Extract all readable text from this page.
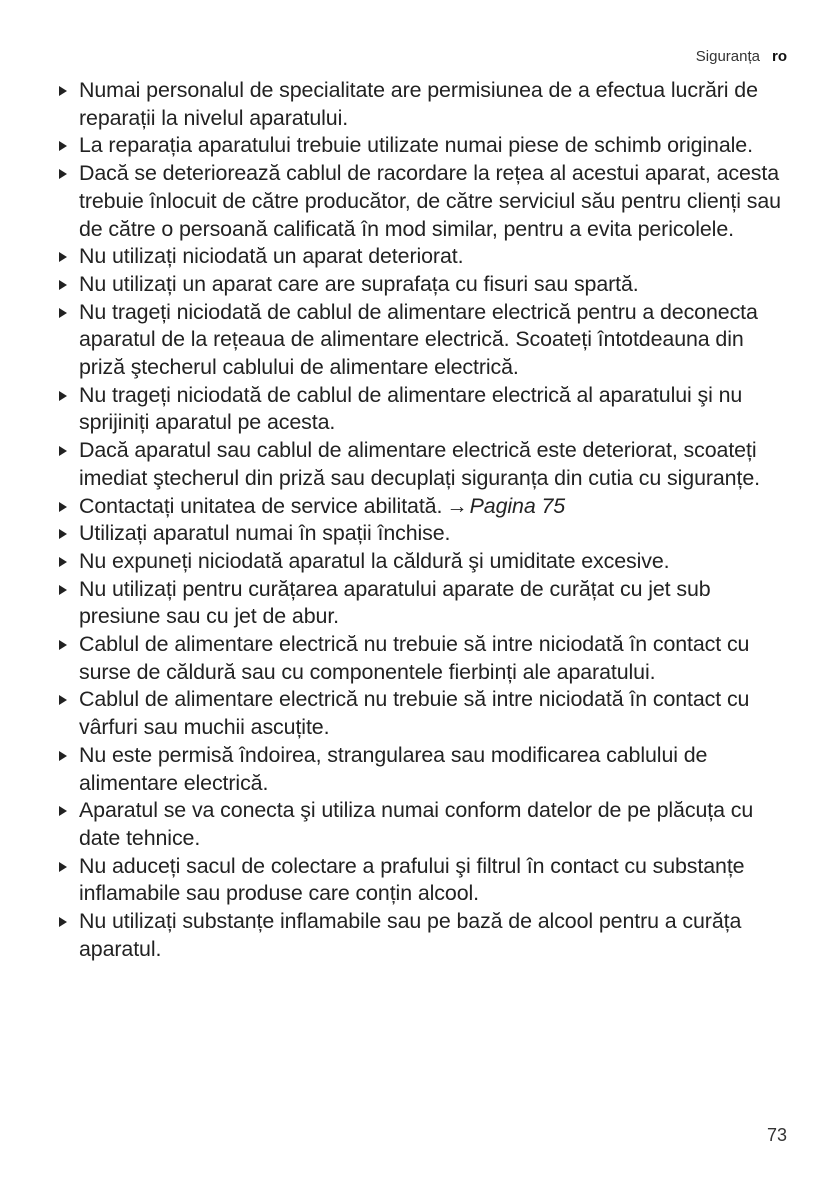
Siguranța ro
Numai personalul de specialitate are permisiunea de a efectua lucrări de reparații la nivelul aparatului.
La reparația aparatului trebuie utilizate numai piese de schimb originale.
Dacă se deteriorează cablul de racordare la rețea al acestui aparat, acesta trebuie înlocuit de către producător, de către serviciul său pentru clienți sau de către o persoană calificată în mod similar, pentru a evita pericolele.
Nu utilizați niciodată un aparat deteriorat.
Nu utilizați un aparat care are suprafața cu fisuri sau spartă.
Nu trageți niciodată de cablul de alimentare electrică pentru a deconecta aparatul de la rețeaua de alimentare electrică. Scoateți întotdeauna din priză ştecherul cablului de alimentare electrică.
Nu trageți niciodată de cablul de alimentare electrică al aparatului şi nu sprijiniți aparatul pe acesta.
Dacă aparatul sau cablul de alimentare electrică este deteriorat, scoateți imediat ştecherul din priză sau decuplați siguranța din cutia cu siguranțe.
Contactați unitatea de service abilitată. →Pagina 75
Utilizați aparatul numai în spații închise.
Nu expuneți niciodată aparatul la căldură şi umiditate excesive.
Nu utilizați pentru curățarea aparatului aparate de curățat cu jet sub presiune sau cu jet de abur.
Cablul de alimentare electrică nu trebuie să intre niciodată în contact cu surse de căldură sau cu componentele fierbinți ale aparatului.
Cablul de alimentare electrică nu trebuie să intre niciodată în contact cu vârfuri sau muchii ascuțite.
Nu este permisă îndoirea, strangularea sau modificarea cablului de alimentare electrică.
Aparatul se va conecta şi utiliza numai conform datelor de pe plăcuța cu date tehnice.
Nu aduceți sacul de colectare a prafului şi filtrul în contact cu substanțe inflamabile sau produse care conțin alcool.
Nu utilizați substanțe inflamabile sau pe bază de alcool pentru a curăța aparatul.
73
